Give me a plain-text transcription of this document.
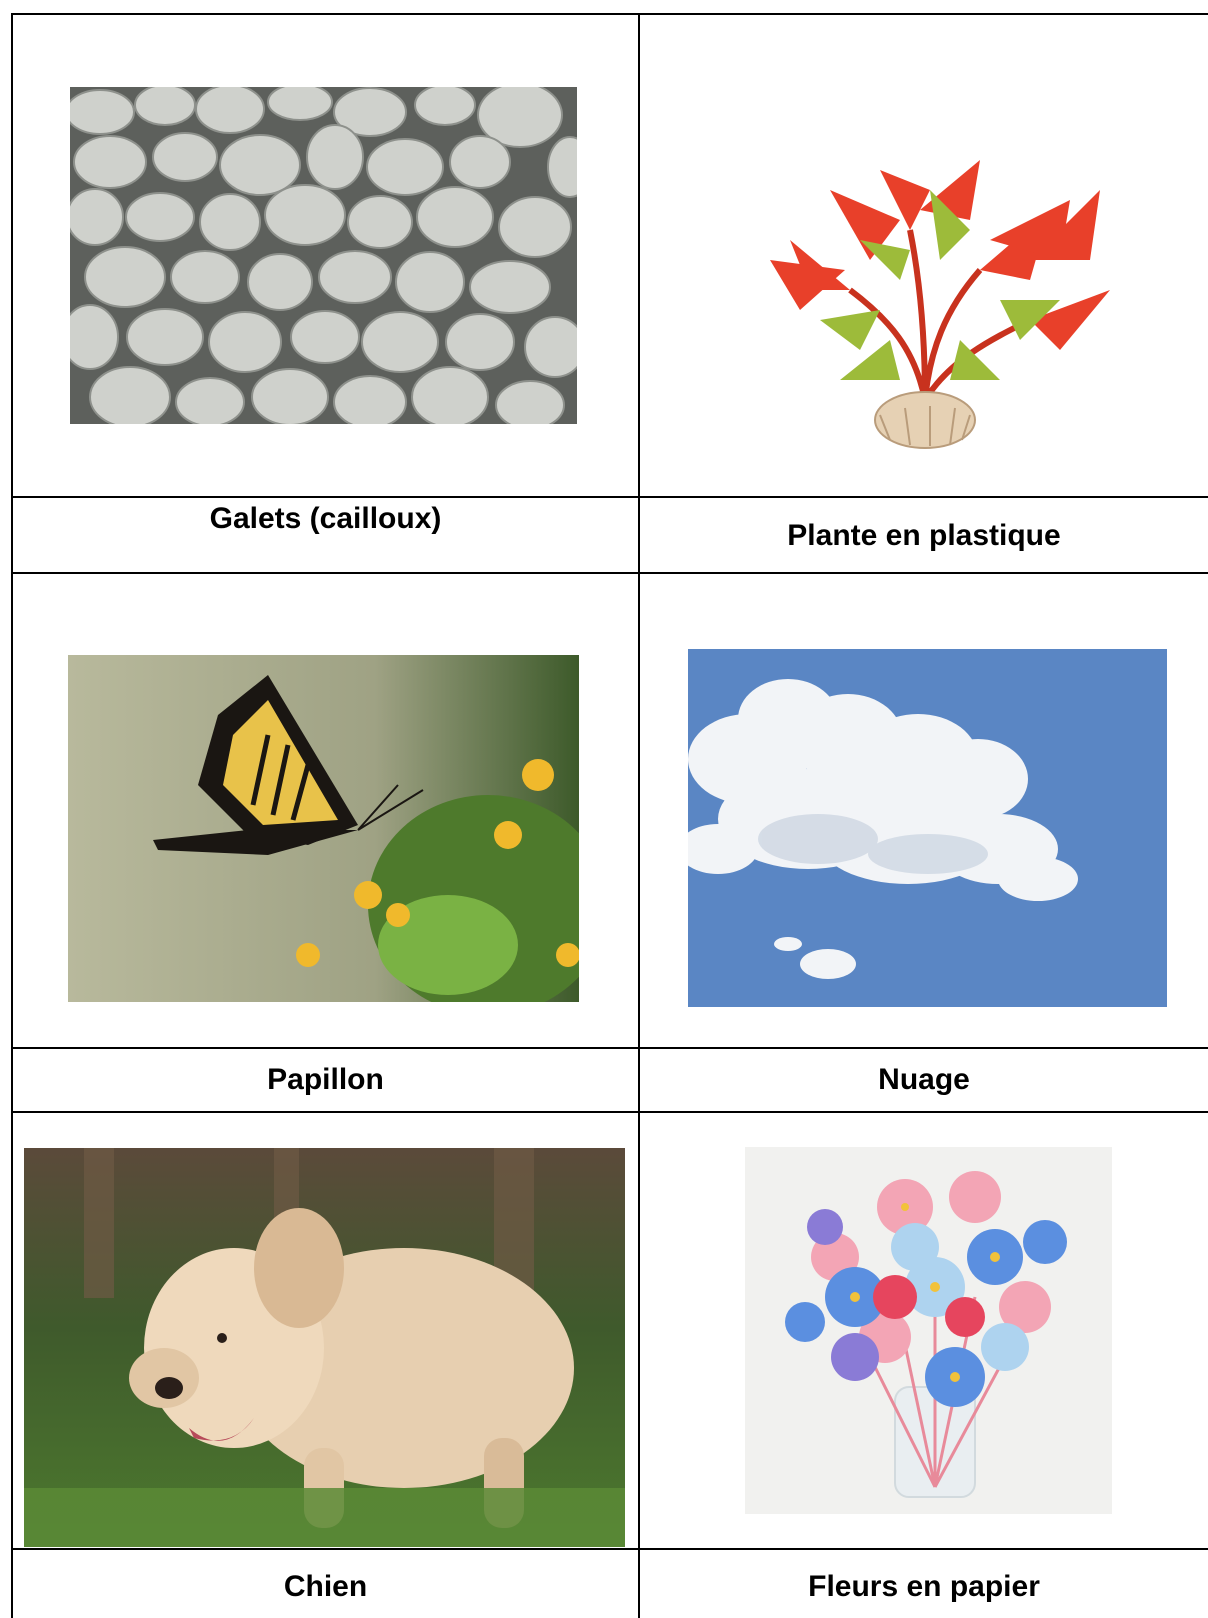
Galets (cailloux)
Plante en plastique
Papillon	Nuage
Chien	Fleurs en papier
